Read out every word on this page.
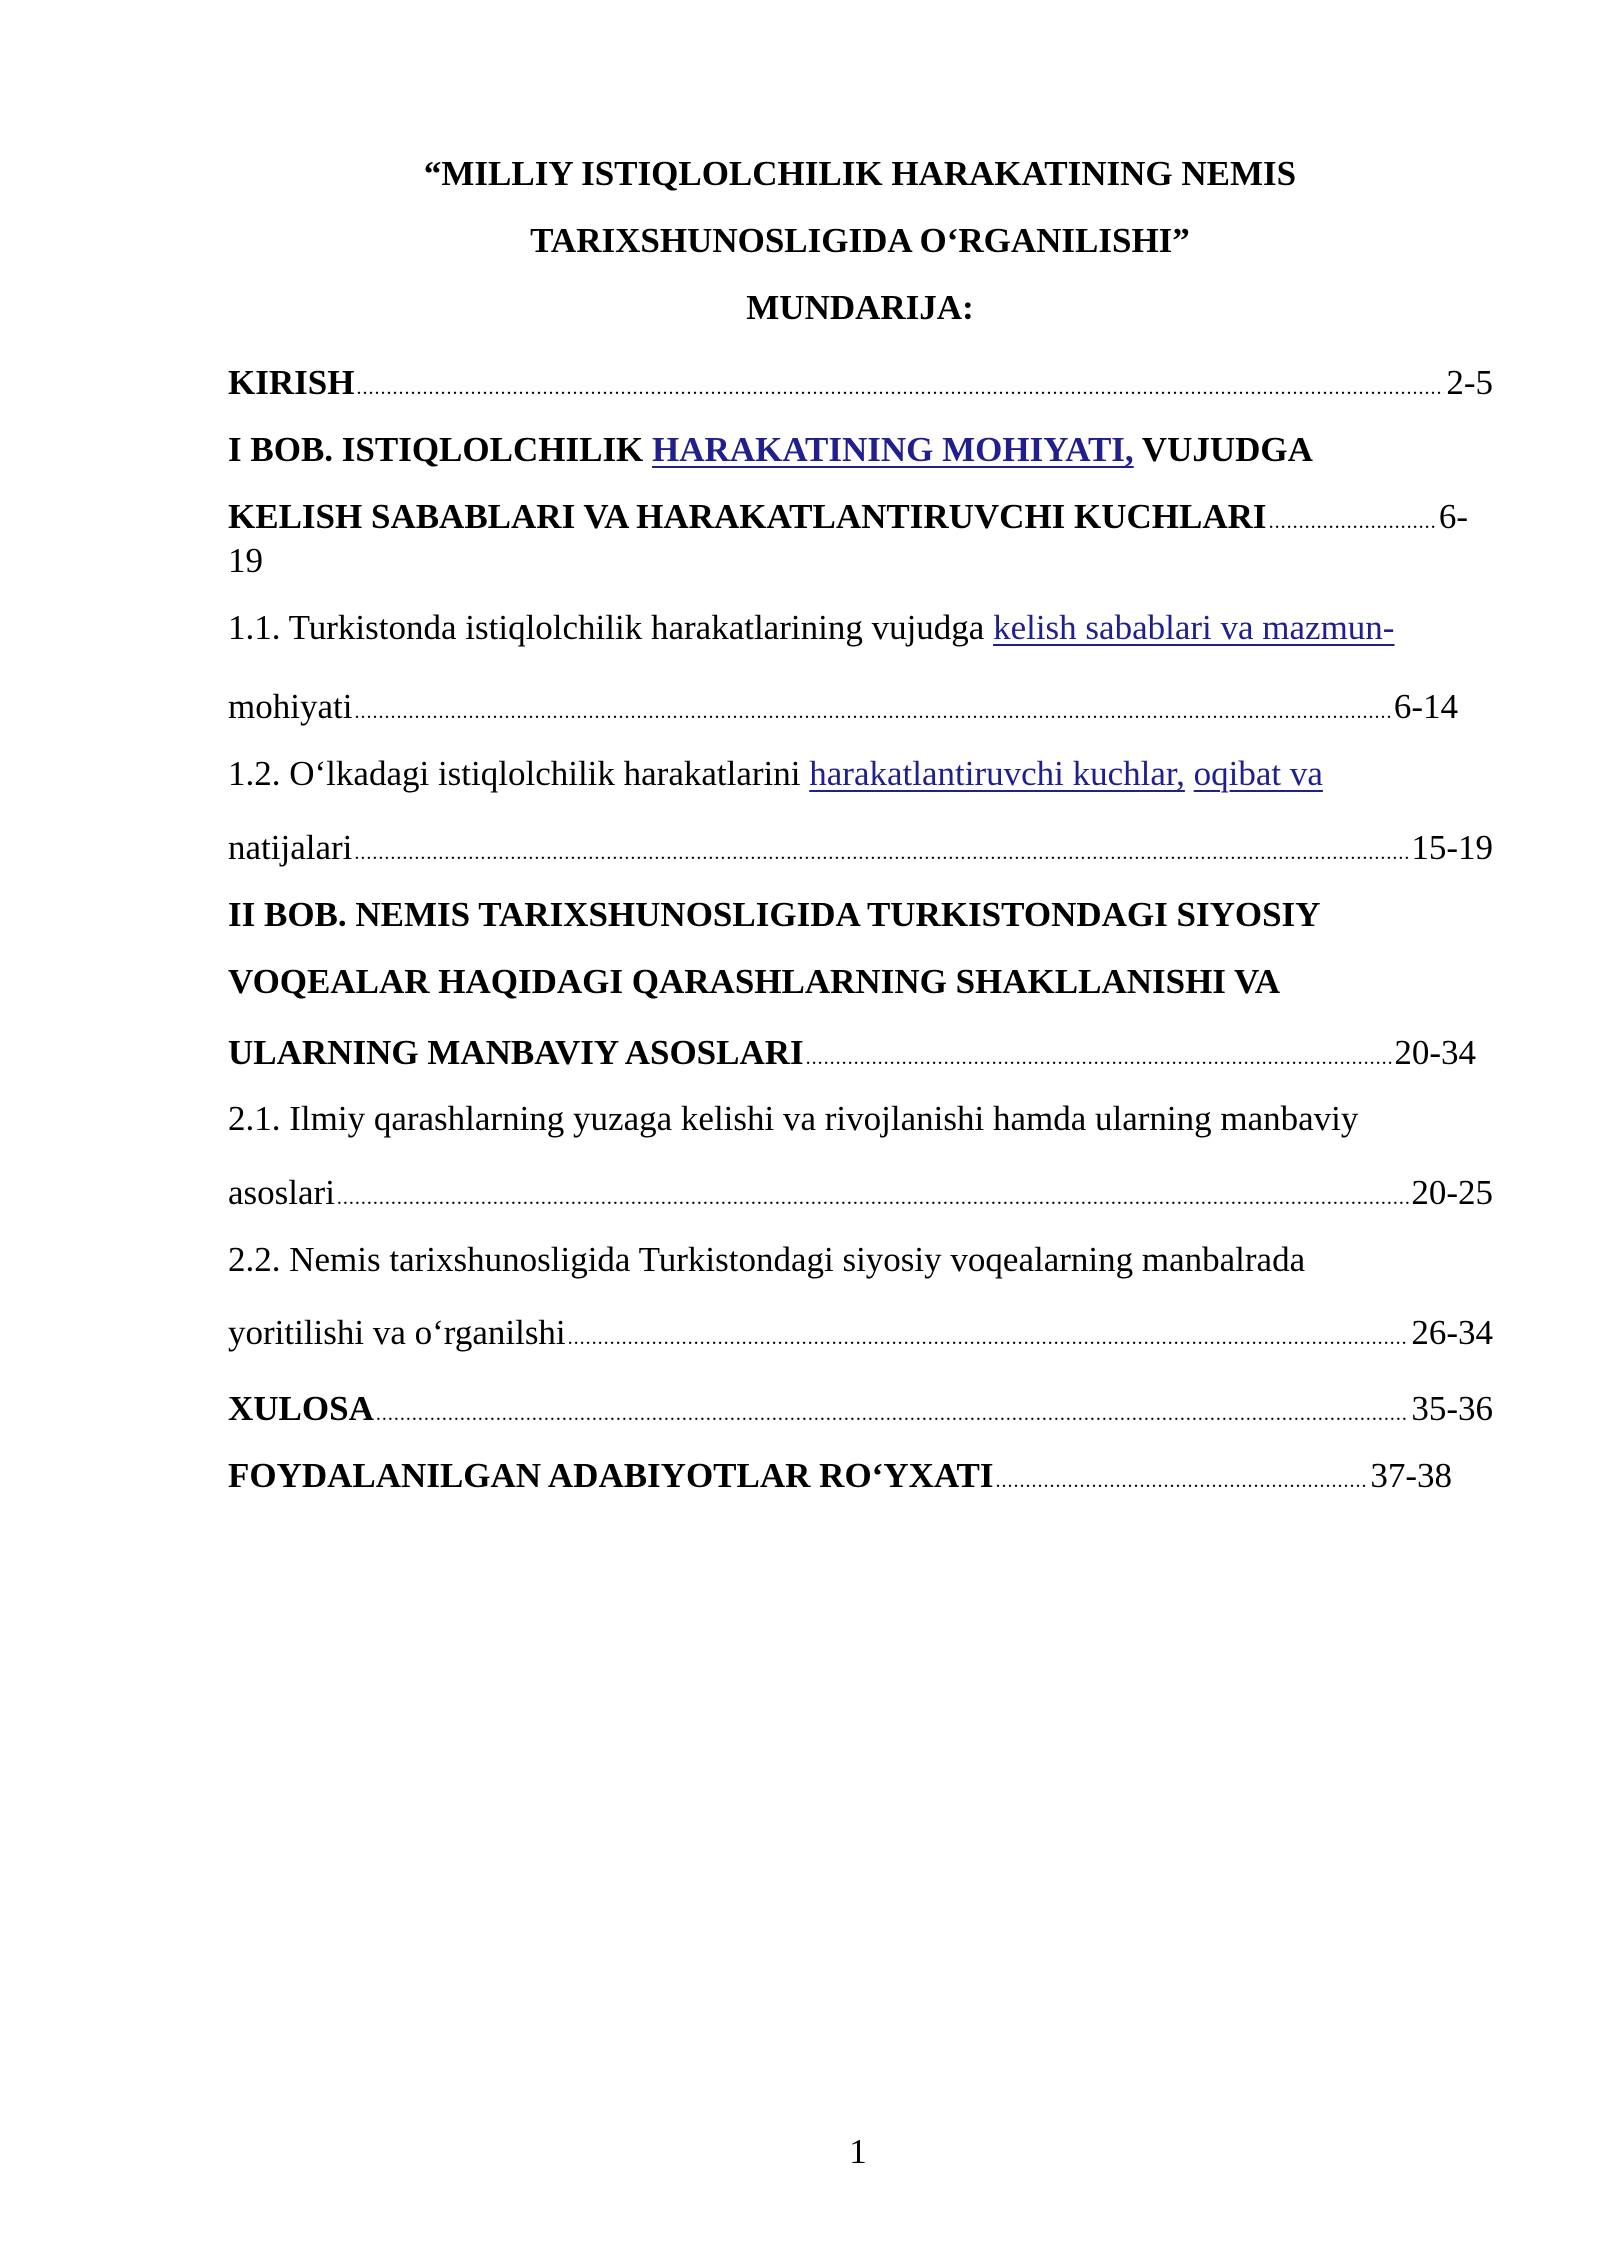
“MILLIY ISTIQLOLCHILIK HARAKATINING NEMIS
TARIXSHUNOSLIGIDA O‘RGANILISHI”
MUNDARIJA:
KIRISH .....	2-5
I BOB. ISTIQLOLCHILIK HARAKATINING MOHIYATI, VUJUDGA
KELISH SABABLARI VA HARAKATLANTIRUVCHI KUCHLARI .....	6-
19
1.1. Turkistonda istiqlolchilik harakatlarining vujudga kelish sabablari va mazmun-
mohiyati .....	6-14
1.2. O‘lkadagi istiqlolchilik harakatlarini harakatlantiruvchi kuchlar, oqibat va
natijalari .....	15-19
II BOB. NEMIS TARIXSHUNOSLIGIDA TURKISTONDAGI SIYOSIY
VOQEALAR HAQIDAGI QARASHLARNING SHAKLLANISHI VA
ULARNING MANBAVIY ASOSLARI .....	20-34
2.1. Ilmiy qarashlarning yuzaga kelishi va rivojlanishi hamda ularning manbaviy
asoslari .....	20-25
2.2. Nemis tarixshunosligida Turkistondagi siyosiy voqealarning manbalrada
yoritilishi va o‘rganilshi .....	26-34
XULOSA .....	35-36
FOYDALANILGAN ADABIYOTLAR RO‘YXATI .....	37-38
1
